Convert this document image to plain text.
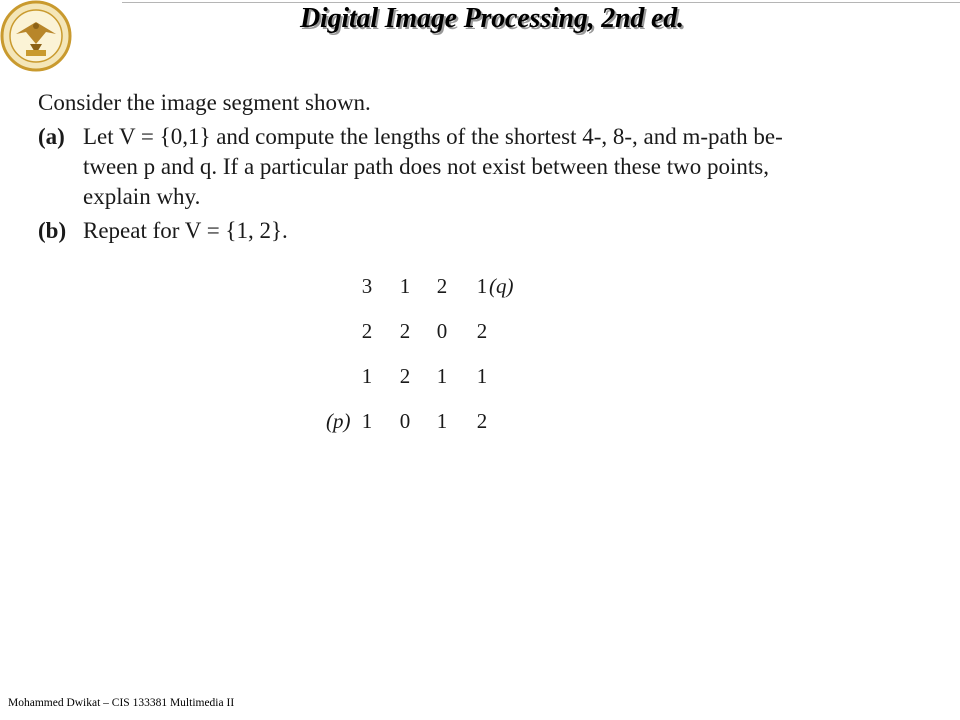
Digital Image Processing, 2nd ed.
Consider the image segment shown.
(a) Let V = {0,1} and compute the lengths of the shortest 4-, 8-, and m-path be-
tween p and q. If a particular path does not exist between these two points,
explain why.
(b) Repeat for V = {1, 2}.
3	1	2	1 (q)
2	2	0	2
1	2	1	1
(p) 1	0	1	2
Mohammed Dwikat – CIS 133381 Multimedia II
